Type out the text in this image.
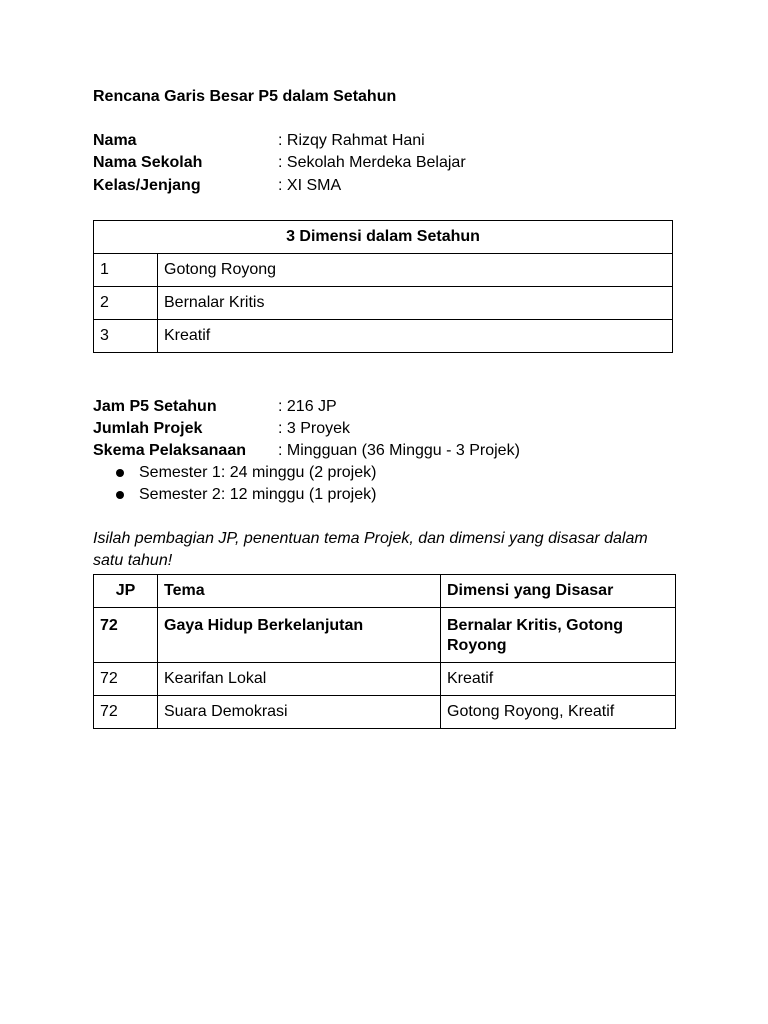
Rencana Garis Besar P5 dalam Setahun
Nama	: Rizqy Rahmat Hani
Nama Sekolah	: Sekolah Merdeka Belajar
Kelas/Jenjang	: XI SMA
3 Dimensi dalam Setahun	
1	Gotong Royong
2	Bernalar Kritis
3	Kreatif
Jam P5 Setahun	: 216 JP
Jumlah Projek	: 3 Proyek
Skema Pelaksanaan : Mingguan (36 Minggu - 3 Projek)
Semester 1: 24 minggu (2 projek)
Semester 2: 12 minggu (1 projek)
Isilah pembagian JP, penentuan tema Projek, dan dimensi yang disasar dalam satu tahun!
JP	Tema	Dimensi yang Disasar
72	Gaya Hidup Berkelanjutan	Bernalar Kritis, Gotong Royong
72	Kearifan Lokal	Kreatif
72	Suara Demokrasi	Gotong Royong, Kreatif
